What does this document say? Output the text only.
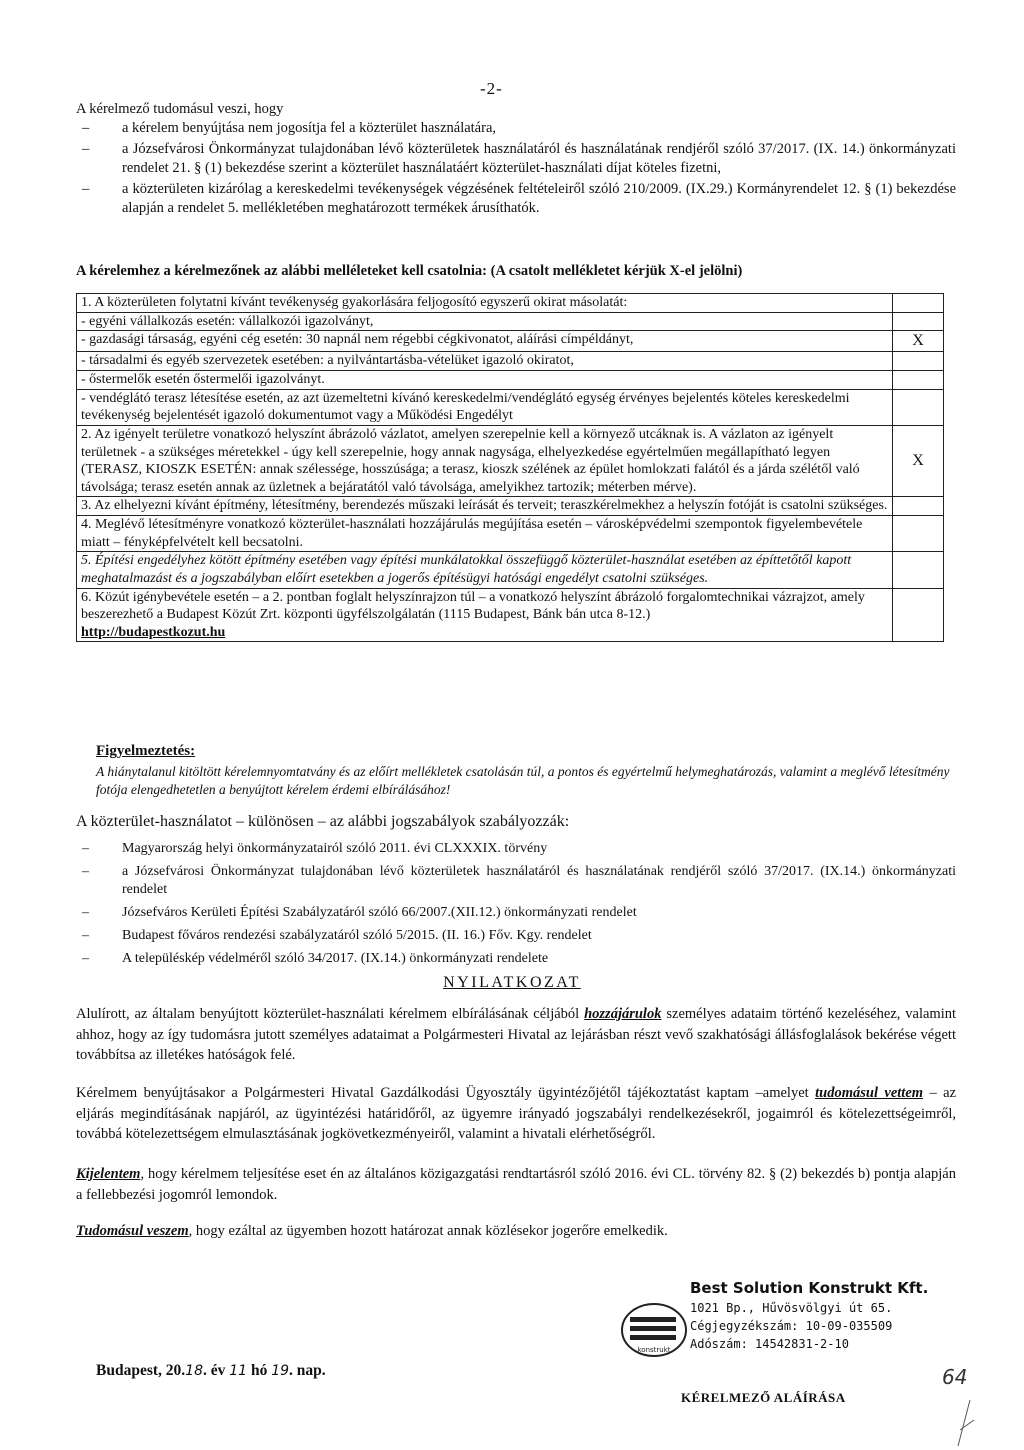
-2-
A kérelmező tudomásul veszi, hogy
–	a kérelem benyújtása nem jogosítja fel a közterület használatára,
–	a Józsefvárosi Önkormányzat tulajdonában lévő közterületek használatáról és használatának rendjéről szóló 37/2017. (IX. 14.) önkormányzati rendelet 21. § (1) bekezdése szerint a közterület használatáért közterület-használati díjat köteles fizetni,
–	a közterületen kizárólag a kereskedelmi tevékenységek végzésének feltételeiről szóló 210/2009. (IX.29.) Kormányrendelet 12. § (1) bekezdése alapján a rendelet 5. mellékletében meghatározott termékek árusíthatók.
A kérelemhez a kérelmezőnek az alábbi melléleteket kell csatolnia: (A csatolt mellékletet kérjük X-el jelölni)
1. A közterületen folytatni kívánt tevékenység gyakorlására feljogosító egyszerű okirat másolatát:	
- egyéni vállalkozás esetén: vállalkozói igazolványt,	
- gazdasági társaság, egyéni cég esetén: 30 napnál nem régebbi cégkivonatot, aláírási címpéldányt,	X
- társadalmi és egyéb szervezetek esetében: a nyilvántartásba-vételüket igazoló okiratot,	
- őstermelők esetén őstermelői igazolványt.	
- vendéglátó terasz létesítése esetén, az azt üzemeltetni kívánó kereskedelmi/vendéglátó egység érvényes bejelentés köteles kereskedelmi tevékenység bejelentését igazoló dokumentumot vagy a Működési Engedélyt	
2. Az igényelt területre vonatkozó helyszínt ábrázoló vázlatot, amelyen szerepelnie kell a környező utcáknak is. A vázlaton az igényelt területnek - a szükséges méretekkel - úgy kell szerepelnie, hogy annak nagysága, elhelyezkedése egyértelműen megállapítható legyen (TERASZ, KIOSZK ESETÉN: annak szélessége, hosszúsága; a terasz, kioszk szélének az épület homlokzati falától és a járda szélétől való távolsága; terasz esetén annak az üzletnek a bejáratától való távolsága, amelyikhez tartozik; méterben mérve).	X
3. Az elhelyezni kívánt építmény, létesítmény, berendezés műszaki leírását és terveit; teraszkérelmekhez a helyszín fotóját is csatolni szükséges.	
4. Meglévő létesítményre vonatkozó közterület-használati hozzájárulás megújítása esetén – városképvédelmi szempontok figyelembevétele miatt – fényképfelvételt kell becsatolni.	
5. Építési engedélyhez kötött építmény esetében vagy építési munkálatokkal összefüggő közterület-használat esetében az építtetőtől kapott meghatalmazást és a jogszabályban előírt esetekben a jogerős építésügyi hatósági engedélyt csatolni szükséges.	
6. Közút igénybevétele esetén – a 2. pontban foglalt helyszínrajzon túl – a vonatkozó helyszínt ábrázoló forgalomtechnikai vázrajzot, amely beszerezhető a Budapest Közút Zrt. központi ügyfélszolgálatán (1115 Budapest, Bánk bán utca 8-12.)
http://budapestkozut.hu	
Figyelmeztetés:
A hiánytalanul kitöltött kérelemnyomtatvány és az előírt mellékletek csatolásán túl, a pontos és egyértelmű helymeghatározás, valamint a meglévő létesítmény fotója elengedhetetlen a benyújtott kérelem érdemi elbírálásához!
A közterület-használatot – különösen – az alábbi jogszabályok szabályozzák:
–	Magyarország helyi önkormányzatairól szóló 2011. évi CLXXXIX. törvény
–	a Józsefvárosi Önkormányzat tulajdonában lévő közterületek használatáról és használatának rendjéről szóló 37/2017. (IX.14.) önkormányzati rendelet
–	Józsefváros Kerületi Építési Szabályzatáról szóló 66/2007.(XII.12.) önkormányzati rendelet
–	Budapest főváros rendezési szabályzatáról szóló 5/2015. (II. 16.) Főv. Kgy. rendelet
–	A településkép védelméről szóló 34/2017. (IX.14.) önkormányzati rendelete
NYILATKOZAT
Alulírott, az általam benyújtott közterület-használati kérelmem elbírálásának céljából hozzájárulok személyes adataim történő kezeléséhez, valamint ahhoz, hogy az így tudomásra jutott személyes adataimat a Polgármesteri Hivatal az lejárásban részt vevő szakhatósági állásfoglalások bekérése végett továbbítsa az illetékes hatóságok felé.
Kérelmem benyújtásakor a Polgármesteri Hivatal Gazdálkodási Ügyosztály ügyintézőjétől tájékoztatást kaptam –amelyet tudomásul vettem – az eljárás megindításának napjáról, az ügyintézési határidőről, az ügyemre irányadó jogszabályi rendelkezésekről, jogaimról és kötelezettségeimről, továbbá kötelezettségem elmulasztásának jogkövetkezményeiről, valamint a hivatali elérhetőségről.
Kijelentem, hogy kérelmem teljesítése eset én az általános közigazgatási rendtartásról szóló 2016. évi CL. törvény 82. § (2) bekezdés b) pontja alapján a fellebbezési jogomról lemondok.
Tudomásul veszem, hogy ezáltal az ügyemben hozott határozat annak közlésekor jogerőre emelkedik.
Budapest, 20.18. év 11 hó 19. nap.
konstrukt
Best Solution Konstrukt Kft.
1021 Bp., Hűvösvölgyi út 65.
Cégjegyzékszám: 10-09-035509
Adószám: 14542831-2-10
KÉRELMEZŐ ALÁÍRÁSA
64
